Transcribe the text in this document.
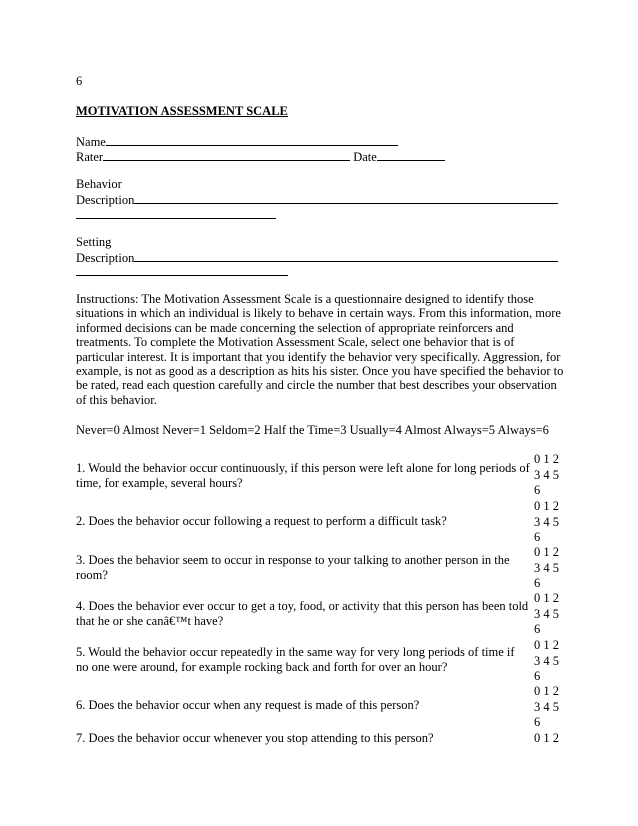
6
MOTIVATION ASSESSMENT SCALE
Name
Rater	Date
Behavior
Description
Setting
Description
Instructions: The Motivation Assessment Scale is a questionnaire designed to identify those situations in which an individual is likely to behave in certain ways. From this information, more informed decisions can be made concerning the selection of appropriate reinforcers and treatments. To complete the Motivation Assessment Scale, select one behavior that is of particular interest. It is important that you identify the behavior very specifically. Aggression, for example, is not as good as a description as hits his sister. Once you have specified the behavior to be rated, read each question carefully and circle the number that best describes your observation of this behavior.
Never=0 Almost Never=1 Seldom=2 Half the Time=3 Usually=4 Almost Always=5 Always=6
1. Would the behavior occur continuously, if this person were left alone for long periods of time, for example, several hours?
0 1 2
3 4 5
6
2. Does the behavior occur following a request to perform a difficult task?
0 1 2
3 4 5
6
3. Does the behavior seem to occur in response to your talking to another person in the room?
0 1 2
3 4 5
6
4. Does the behavior ever occur to get a toy, food, or activity that this person has been told that he or she canâ€™t have?
0 1 2
3 4 5
6
5. Would the behavior occur repeatedly in the same way for very long periods of time if no one were around, for example rocking back and forth for over an hour?
0 1 2
3 4 5
6
6. Does the behavior occur when any request is made of this person?
0 1 2
3 4 5
6
7. Does the behavior occur whenever you stop attending to this person?	0 1 2
